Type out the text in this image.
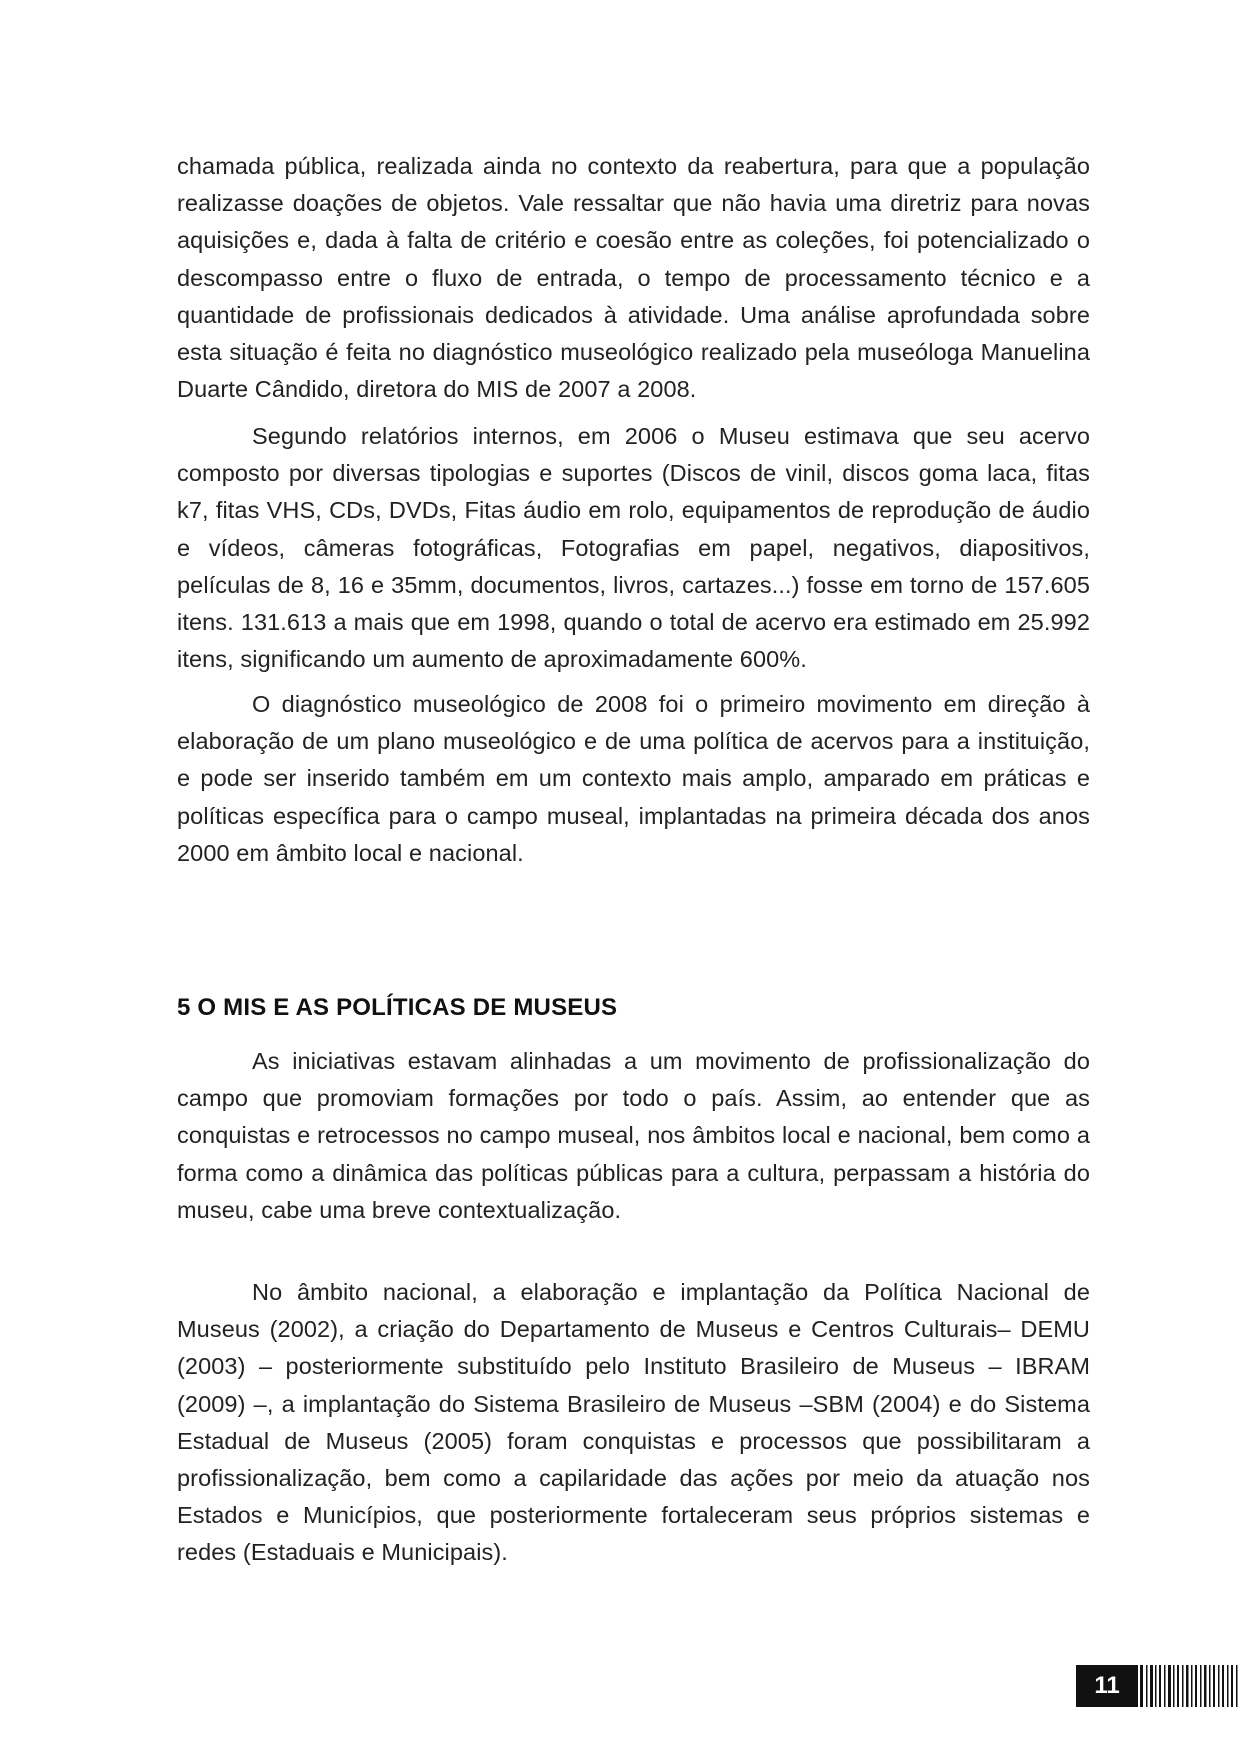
chamada pública, realizada ainda no contexto da reabertura, para que a população realizasse doações de objetos. Vale ressaltar que não havia uma diretriz para novas aquisições e, dada à falta de critério e coesão entre as coleções, foi potencializado o descompasso entre o fluxo de entrada, o tempo de processamento técnico e a quantidade de profissionais dedicados à atividade. Uma análise aprofundada sobre esta situação é feita no diagnóstico museológico realizado pela museóloga Manuelina Duarte Cândido, diretora do MIS de 2007 a 2008.

Segundo relatórios internos, em 2006 o Museu estimava que seu acervo composto por diversas tipologias e suportes (Discos de vinil, discos goma laca, fitas k7, fitas VHS, CDs, DVDs, Fitas áudio em rolo, equipamentos de reprodução de áudio e vídeos, câmeras fotográficas, Fotografias em papel, negativos, diapositivos, películas de 8, 16 e 35mm, documentos, livros, cartazes...) fosse em torno de 157.605 itens. 131.613 a mais que em 1998, quando o total de acervo era estimado em 25.992 itens, significando um aumento de aproximadamente 600%.

O diagnóstico museológico de 2008 foi o primeiro movimento em direção à elaboração de um plano museológico e de uma política de acervos para a instituição, e pode ser inserido também em um contexto mais amplo, amparado em práticas e políticas específica para o campo museal, implantadas na primeira década dos anos 2000 em âmbito local e nacional.

5 O MIS E AS POLÍTICAS DE MUSEUS

As iniciativas estavam alinhadas a um movimento de profissionalização do campo que promoviam formações por todo o país. Assim, ao entender que as conquistas e retrocessos no campo museal, nos âmbitos local e nacional, bem como a forma como a dinâmica das políticas públicas para a cultura, perpassam a história do museu, cabe uma breve contextualização.

No âmbito nacional, a elaboração e implantação da Política Nacional de Museus (2002), a criação do Departamento de Museus e Centros Culturais– DEMU (2003) – posteriormente substituído pelo Instituto Brasileiro de Museus – IBRAM (2009) –, a implantação do Sistema Brasileiro de Museus –SBM (2004) e do Sistema Estadual de Museus (2005) foram conquistas e processos que possibilitaram a profissionalização, bem como a capilaridade das ações por meio da atuação nos Estados e Municípios, que posteriormente fortaleceram seus próprios sistemas e redes (Estaduais e Municipais).

11
